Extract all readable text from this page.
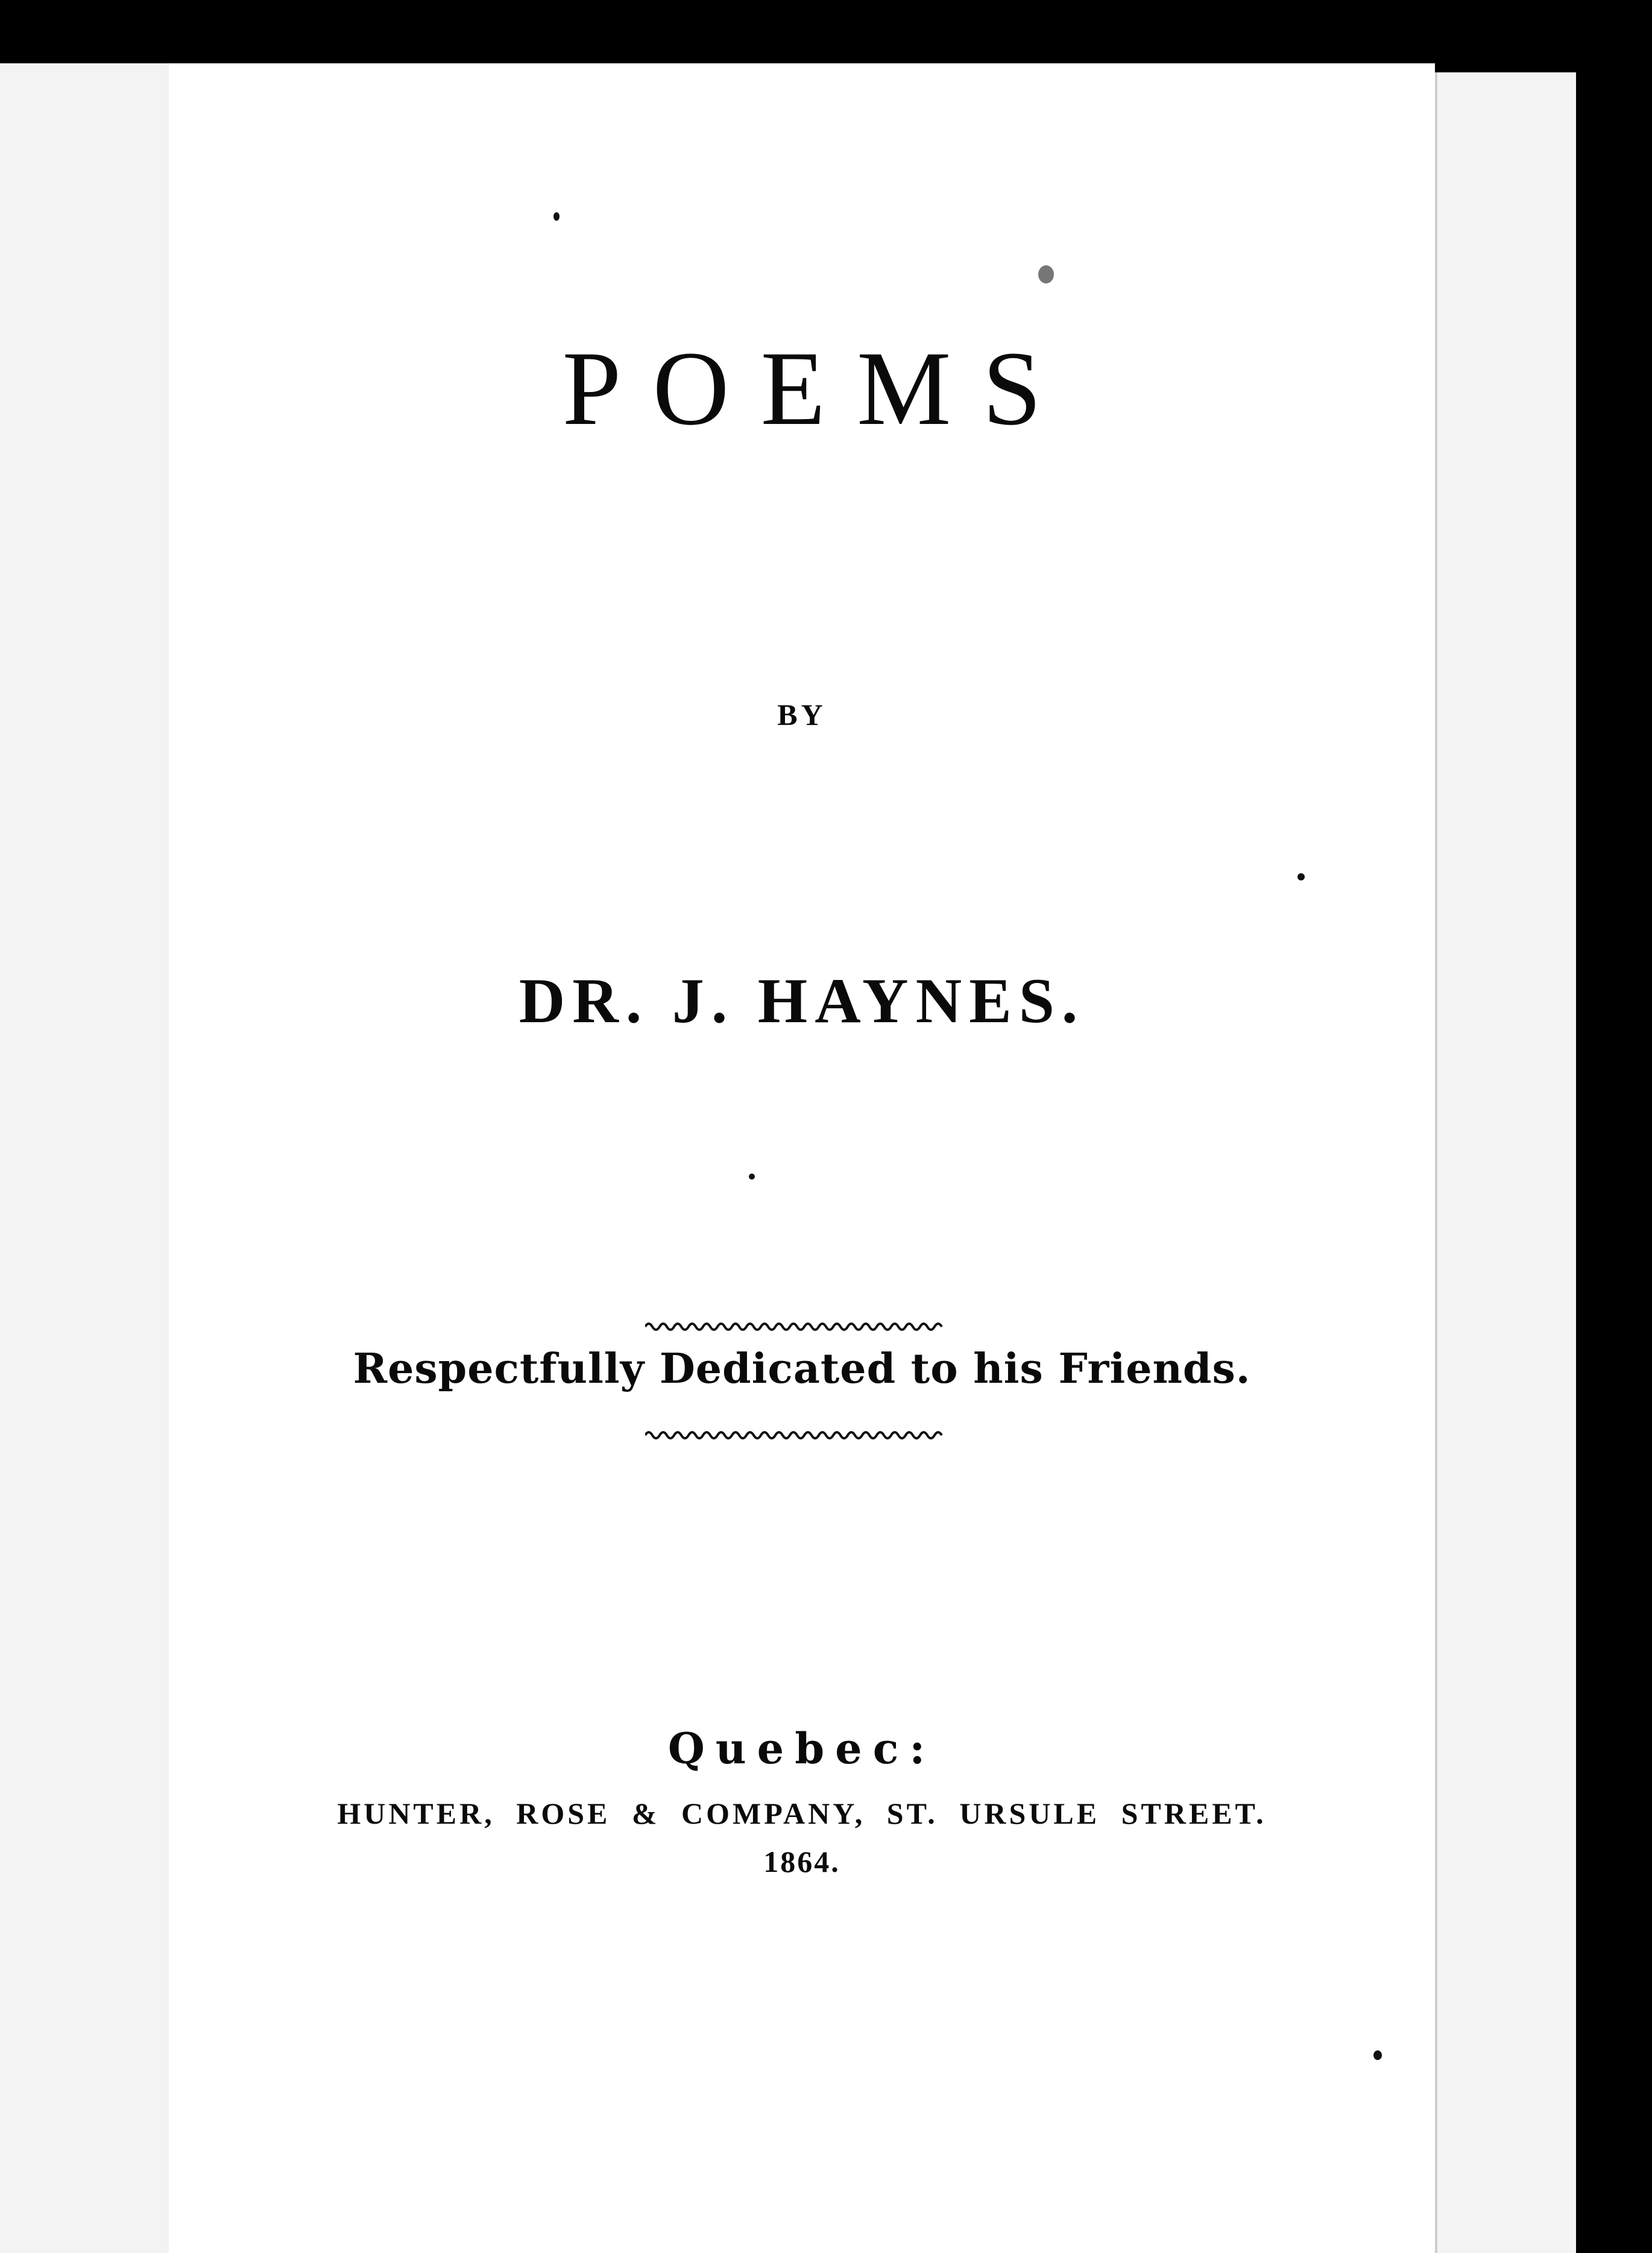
POEMS
BY
DR. J. HAYNES.
Respectfully Dedicated to his Friends.
Quebec:
HUNTER, ROSE & COMPANY, ST. URSULE STREET.
1864.
